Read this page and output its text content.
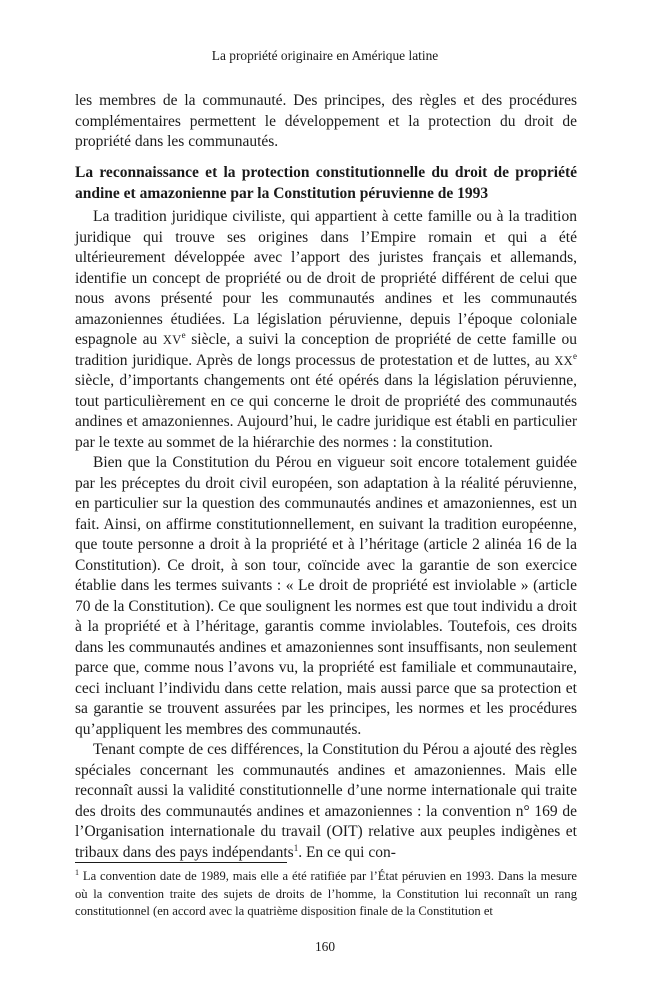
La propriété originaire en Amérique latine

les membres de la communauté. Des principes, des règles et des procédures complémentaires permettent le développement et la protection du droit de propriété dans les communautés.

La reconnaissance et la protection constitutionnelle du droit de propriété andine et amazonienne par la Constitution péruvienne de 1993

La tradition juridique civiliste, qui appartient à cette famille ou à la tradition juridique qui trouve ses origines dans l’Empire romain et qui a été ultérieurement développée avec l’apport des juristes français et allemands, identifie un concept de propriété ou de droit de propriété différent de celui que nous avons présenté pour les communautés andines et les communautés amazoniennes étudiées. La législation péruvienne, depuis l’époque coloniale espagnole au XVe siècle, a suivi la conception de propriété de cette famille ou tradition juridique. Après de longs processus de protestation et de luttes, au XXe siècle, d’importants changements ont été opérés dans la législation péruvienne, tout particulièrement en ce qui concerne le droit de propriété des communautés andines et amazoniennes. Aujourd’hui, le cadre juridique est établi en particulier par le texte au sommet de la hiérarchie des normes : la constitution.

Bien que la Constitution du Pérou en vigueur soit encore totalement guidée par les préceptes du droit civil européen, son adaptation à la réalité péruvienne, en particulier sur la question des communautés andines et amazoniennes, est un fait. Ainsi, on affirme constitutionnellement, en suivant la tradition européenne, que toute personne a droit à la propriété et à l’héritage (article 2 alinéa 16 de la Constitution). Ce droit, à son tour, coïncide avec la garantie de son exercice établie dans les termes suivants : « Le droit de propriété est inviolable » (article 70 de la Constitution). Ce que soulignent les normes est que tout individu a droit à la propriété et à l’héritage, garantis comme inviolables. Toutefois, ces droits dans les communautés andines et amazoniennes sont insuffisants, non seulement parce que, comme nous l’avons vu, la propriété est familiale et communautaire, ceci incluant l’individu dans cette relation, mais aussi parce que sa protection et sa garantie se trouvent assurées par les principes, les normes et les procédures qu’appliquent les membres des communautés.

Tenant compte de ces différences, la Constitution du Pérou a ajouté des règles spéciales concernant les communautés andines et amazoniennes. Mais elle reconnaît aussi la validité constitutionnelle d’une norme internationale qui traite des droits des communautés andines et amazoniennes : la convention n° 169 de l’Organisation internationale du travail (OIT) relative aux peuples indigènes et tribaux dans des pays indépendants$^1$. En ce qui con-

$^1$ La convention date de 1989, mais elle a été ratifiée par l’État péruvien en 1993. Dans la mesure où la convention traite des sujets de droits de l’homme, la Constitution lui reconnaît un rang constitutionnel (en accord avec la quatrième disposition finale de la Constitution et

160
